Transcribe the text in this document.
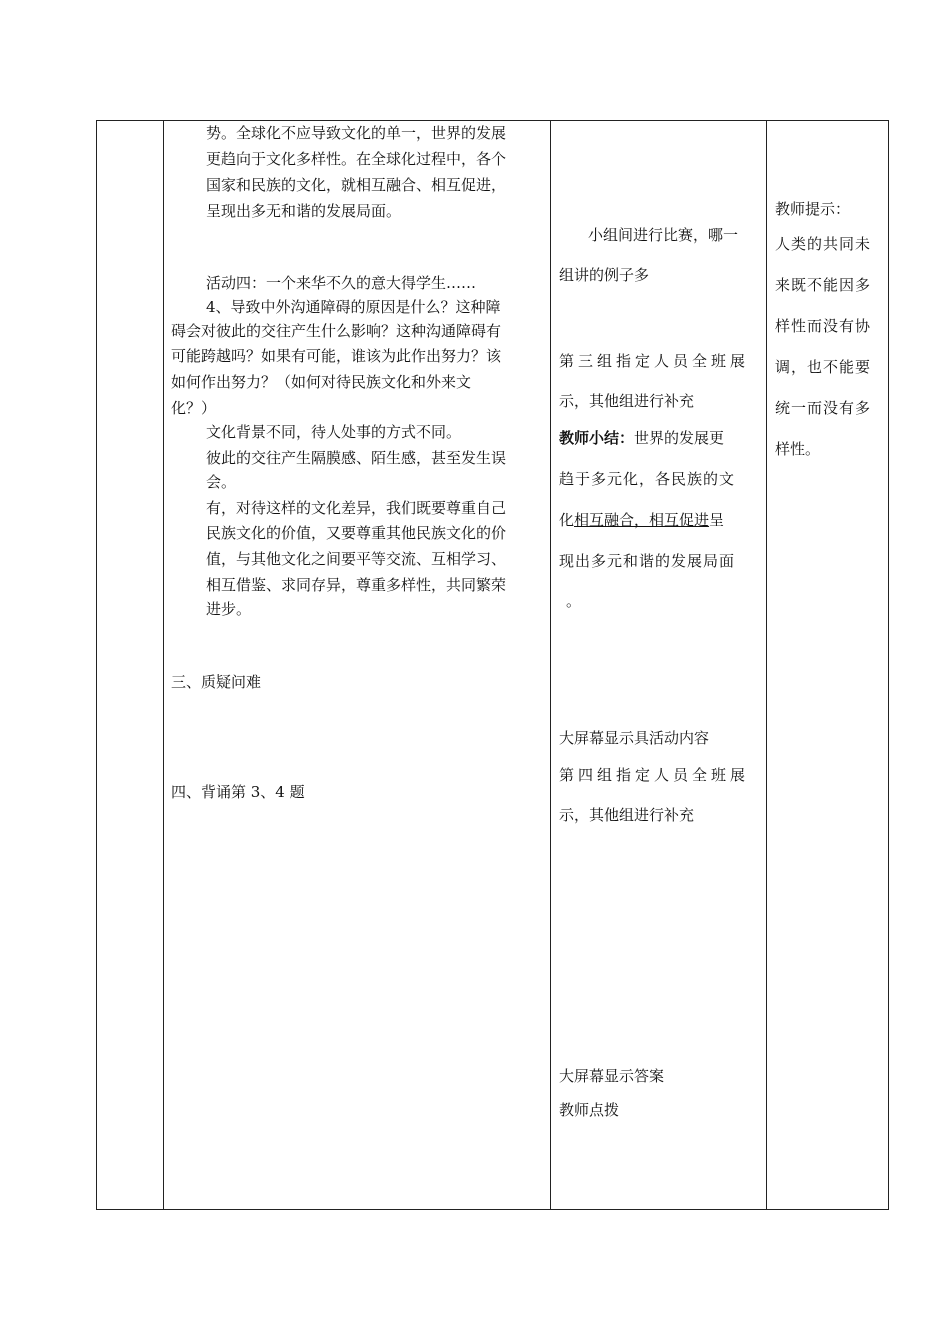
势。全球化不应导致文化的单一，世界的发展
更趋向于文化多样性。在全球化过程中，各个
国家和民族的文化，就相互融合、相互促进，
呈现出多无和谐的发展局面。
活动四：一个来华不久的意大得学生……
4、导致中外沟通障碍的原因是什么？这种障
碍会对彼此的交往产生什么影响？这种沟通障碍有
可能跨越吗？如果有可能，谁该为此作出努力？该
如何作出努力？（如何对待民族文化和外来文
化？）
文化背景不同，待人处事的方式不同。
彼此的交往产生隔膜感、陌生感，甚至发生误
会。
有，对待这样的文化差异，我们既要尊重自己
民族文化的价值，又要尊重其他民族文化的价
值，与其他文化之间要平等交流、互相学习、
相互借鉴、求同存异，尊重多样性，共同繁荣
进步。
三、质疑问难
四、背诵第 3、4 题
小组间进行比赛，哪一
组讲的例子多
第三组指定人员全班展
示，其他组进行补充
教师小结：世界的发展更
趋于多元化，各民族的文
化相互融合，相互促进呈
现出多元和谐的发展局面
。
大屏幕显示具活动内容
第四组指定人员全班展
示，其他组进行补充
大屏幕显示答案
教师点拨
教师提示：
人类的共同未
来既不能因多
样性而没有协
调，也不能要
统一而没有多
样性。
